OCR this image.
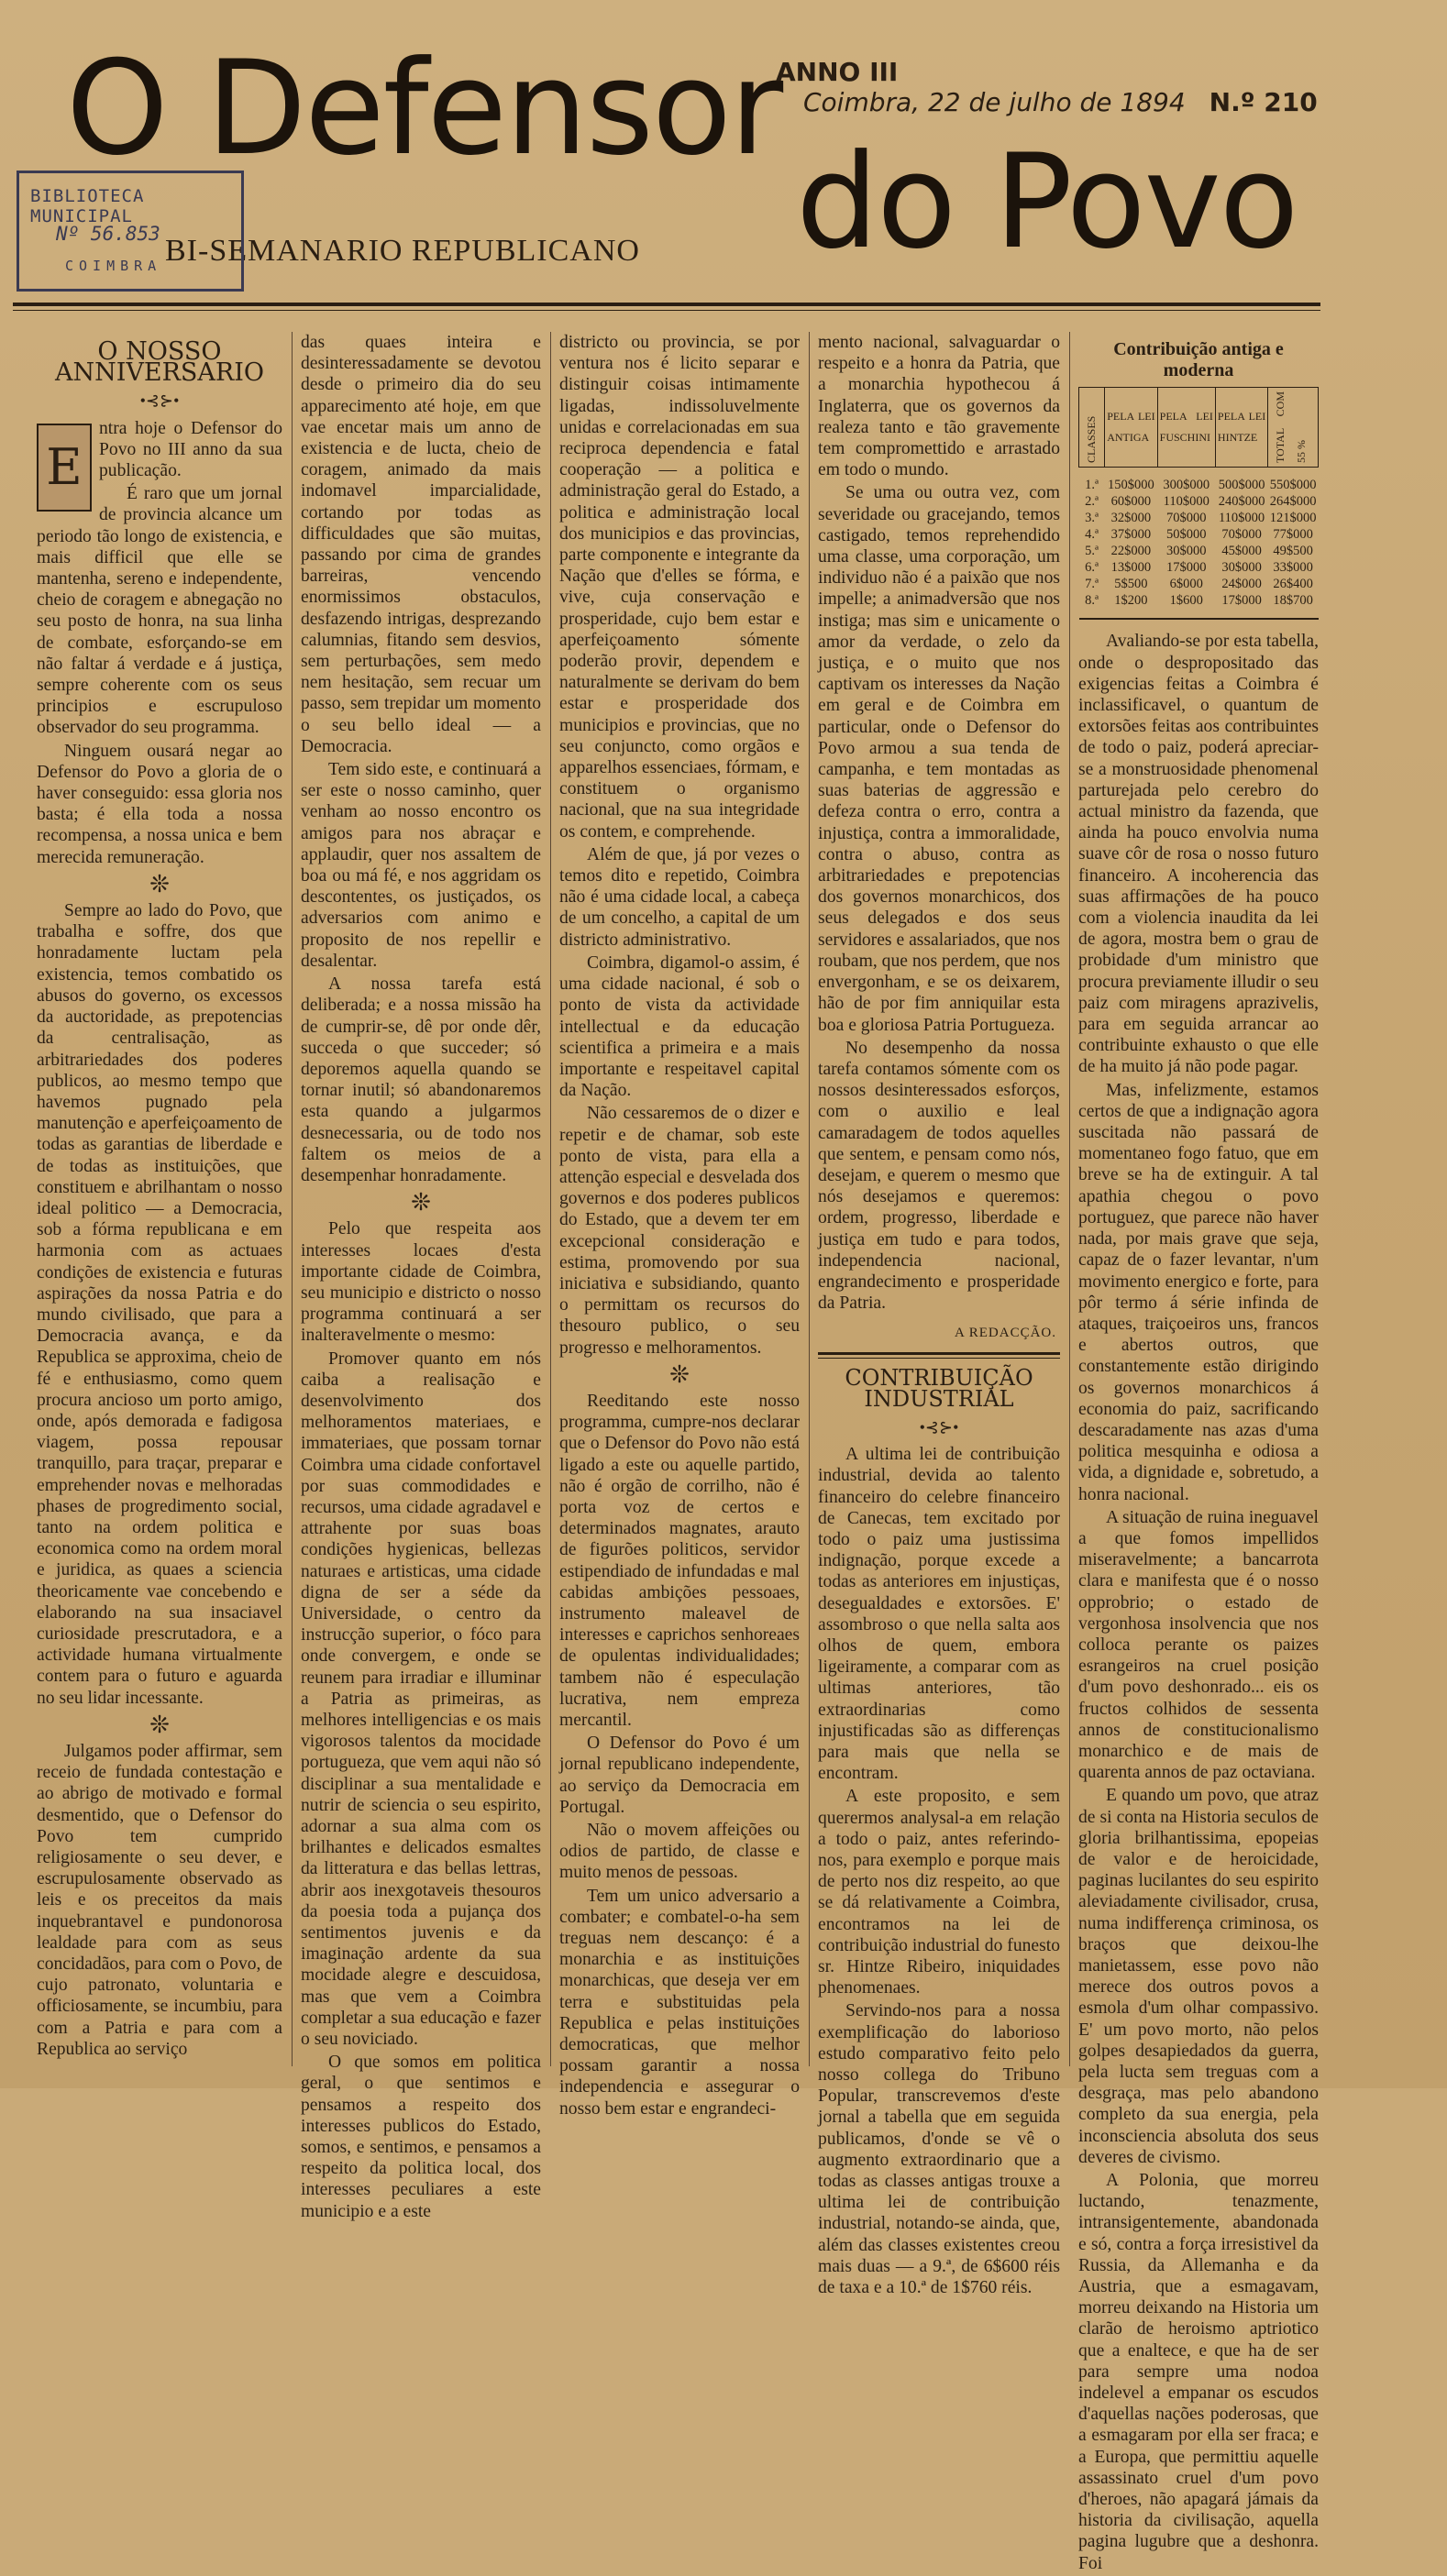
O Defensor
do Povo
ANNO IIICoimbra, 22 de julho de 1894 N.º 210
BI-SEMANARIO REPUBLICANO
BIBLIOTECA MUNICIPAL
Nº 56.853
COIMBRA
O NOSSO ANNIVERSARIO
•⊰⊱•

E
ntra hoje o Defensor do Povo no III anno da sua publicação.

É raro que um jornal de provincia alcance um periodo tão longo de existencia, e mais difficil que elle se mantenha, sereno e independente, cheio de coragem e abnegação no seu posto de honra, na sua linha de combate, esforçando-se em não faltar á verdade e á justiça, sempre coherente com os seus principios e escrupuloso observador do seu programma.

Ninguem ousará negar ao Defensor do Povo a gloria de o haver conseguido: essa gloria nos basta; é ella toda a nossa recompensa, a nossa unica e bem merecida remuneração.

❊

Sempre ao lado do Povo, que trabalha e soffre, dos que honradamente luctam pela existencia, temos combatido os abusos do governo, os excessos da auctoridade, as prepotencias da centralisação, as arbitrariedades dos poderes publicos, ao mesmo tempo que havemos pugnado pela manutenção e aperfeiçoamento de todas as garantias de liberdade e de todas as instituições, que constituem e abrilhantam o nosso ideal politico — a Democracia, sob a fórma republicana e em harmonia com as actuaes condições de existencia e futuras aspirações da nossa Patria e do mundo civilisado, que para a Democracia avança, e da Republica se approxima, cheio de fé e enthusiasmo, como quem procura ancioso um porto amigo, onde, após demorada e fadigosa viagem, possa repousar tranquillo, para traçar, preparar e emprehender novas e melhoradas phases de progredimento social, tanto na ordem politica e economica como na ordem moral e juridica, as quaes a sciencia theoricamente vae concebendo e elaborando na sua insaciavel curiosidade prescrutadora, e a actividade humana virtualmente contem para o futuro e aguarda no seu lidar incessante.

❊

Julgamos poder affirmar, sem receio de fundada contestação e ao abrigo de motivado e formal desmentido, que o Defensor do Povo tem cumprido religiosamente o seu dever, e escrupulosamente observado as leis e os preceitos da mais inquebrantavel e pundonorosa lealdade para com as seus concidadãos, para com o Povo, de cujo patronato, voluntaria e officiosamente, se incumbiu, para com a Patria e para com a Republica ao serviço

das quaes inteira e desinteressadamente se devotou desde o primeiro dia do seu apparecimento até hoje, em que vae encetar mais um anno de existencia e de lucta, cheio de coragem, animado da mais indomavel imparcialidade, cortando por todas as difficuldades que são muitas, passando por cima de grandes barreiras, vencendo enormissimos obstaculos, desfazendo intrigas, desprezando calumnias, fitando sem desvios, sem perturbações, sem medo nem hesitação, sem recuar um passo, sem trepidar um momento o seu bello ideal — a Democracia.

Tem sido este, e continuará a ser este o nosso caminho, quer venham ao nosso encontro os amigos para nos abraçar e applaudir, quer nos assaltem de boa ou má fé, e nos aggridam os descontentes, os justiçados, os adversarios com animo e proposito de nos repellir e desalentar.

A nossa tarefa está deliberada; e a nossa missão ha de cumprir-se, dê por onde dêr, succeda o que succeder; só deporemos aquella quando se tornar inutil; só abandonaremos esta quando a julgarmos desnecessaria, ou de todo nos faltem os meios de a desempenhar honradamente.

❊

Pelo que respeita aos interesses locaes d'esta importante cidade de Coimbra, seu municipio e districto o nosso programma continuará a ser inalteravelmente o mesmo:

Promover quanto em nós caiba a realisação e desenvolvimento dos melhoramentos materiaes, e immateriaes, que possam tornar Coimbra uma cidade confortavel por suas commodidades e recursos, uma cidade agradavel e attrahente por suas boas condições hygienicas, bellezas naturaes e artisticas, uma cidade digna de ser a séde da Universidade, o centro da instrucção superior, o fóco para onde convergem, e onde se reunem para irradiar e illuminar a Patria as primeiras, as melhores intelligencias e os mais vigorosos talentos da mocidade portugueza, que vem aqui não só disciplinar a sua mentalidade e nutrir de sciencia o seu espirito, adornar a sua alma com os brilhantes e delicados esmaltes da litteratura e das bellas lettras, abrir aos inexgotaveis thesouros da poesia toda a pujança dos sentimentos juvenis e da imaginação ardente da sua mocidade alegre e descuidosa, mas que vem a Coimbra completar a sua educação e fazer o seu noviciado.

O que somos em politica geral, o que sentimos e pensamos a respeito dos interesses publicos do Estado, somos, e sentimos, e pensamos a respeito da politica local, dos interesses peculiares a este municipio e a este

districto ou provincia, se por ventura nos é licito separar e distinguir coisas intimamente ligadas, indissoluvelmente unidas e correlacionadas em sua reciproca dependencia e fatal cooperação — a politica e administração geral do Estado, a politica e administração local dos municipios e das provincias, parte componente e integrante da Nação que d'elles se fórma, e vive, cuja conservação e prosperidade, cujo bem estar e aperfeiçoamento sómente poderão provir, dependem e naturalmente se derivam do bem estar e prosperidade dos municipios e provincias, que no seu conjuncto, como orgãos e apparelhos essenciaes, fórmam, e constituem o organismo nacional, que na sua integridade os contem, e comprehende.

Além de que, já por vezes o temos dito e repetido, Coimbra não é uma cidade local, a cabeça de um concelho, a capital de um districto administrativo.

Coimbra, digamol-o assim, é uma cidade nacional, é sob o ponto de vista da actividade intellectual e da educação scientifica a primeira e a mais importante e respeitavel capital da Nação.

Não cessaremos de o dizer e repetir e de chamar, sob este ponto de vista, para ella a attenção especial e desvelada dos governos e dos poderes publicos do Estado, que a devem ter em excepcional consideração e estima, promovendo por sua iniciativa e subsidiando, quanto o permittam os recursos do thesouro publico, o seu progresso e melhoramentos.

❊

Reeditando este nosso programma, cumpre-nos declarar que o Defensor do Povo não está ligado a este ou aquelle partido, não é orgão de corrilho, não é porta voz de certos e determinados magnates, arauto de figurões politicos, servidor estipendiado de infundadas e mal cabidas ambições pessoaes, instrumento maleavel de interesses e caprichos senhoreaes de opulentas individualidades; tambem não é especulação lucrativa, nem empreza mercantil.

O Defensor do Povo é um jornal republicano independente, ao serviço da Democracia em Portugal.

Não o movem affeições ou odios de partido, de classe e muito menos de pessoas.

Tem um unico adversario a combater; e combatel-o-ha sem treguas nem descanço: é a monarchia e as instituições monarchicas, que deseja ver em terra e substituidas pela Republica e pelas instituições democraticas, que melhor possam garantir a nossa independencia e assegurar o nosso bem estar e engrandeci-

mento nacional, salvaguardar o respeito e a honra da Patria, que a monarchia hypothecou á Inglaterra, que os governos da realeza tanto e tão gravemente tem compromettido e arrastado em todo o mundo.

Se uma ou outra vez, com severidade ou gracejando, temos castigado, temos reprehendido uma classe, uma corporação, um individuo não é a paixão que nos impelle; a animadversão que nos instiga; mas sim e unicamente o amor da verdade, o zelo da justiça, e o muito que nos captivam os interesses da Nação em geral e de Coimbra em particular, onde o Defensor do Povo armou a sua tenda de campanha, e tem montadas as suas baterias de aggressão e defeza contra o erro, contra a injustiça, contra a immoralidade, contra o abuso, contra as arbitrariedades e prepotencias dos governos monarchicos, dos seus delegados e dos seus servidores e assalariados, que nos roubam, que nos perdem, que nos envergonham, e se os deixarem, hão de por fim anniquilar esta boa e gloriosa Patria Portugueza.

No desempenho da nossa tarefa contamos sómente com os nossos desinteressados esforços, com o auxilio e leal camaradagem de todos aquelles que sentem, e pensam como nós, desejam, e querem o mesmo que nós desejamos e queremos: ordem, progresso, liberdade e justiça em tudo e para todos, independencia nacional, engrandecimento e prosperidade da Patria.

A REDACÇÃO.
CONTRIBUIÇÃO INDUSTRIAL
•⊰⊱•

A ultima lei de contribuição industrial, devida ao talento financeiro do celebre financeiro de Canecas, tem excitado por todo o paiz uma justissima indignação, porque excede a todas as anteriores em injustiças, desegualdades e extorsões. E' assombroso o que nella salta aos olhos de quem, embora ligeiramente, a comparar com as ultimas anteriores, tão extraordinarias como injustificadas são as differenças para mais que nella se encontram.

A este proposito, e sem querermos analysal-a em relação a todo o paiz, antes referindo-nos, para exemplo e porque mais de perto nos diz respeito, ao que se dá relativamente a Coimbra, encontramos na lei de contribuição industrial do funesto sr. Hintze Ribeiro, iniquidades phenomenaes.

Servindo-nos para a nossa exemplificação do laborioso estudo comparativo feito pelo nosso collega do Tribuno Popular, transcrevemos d'este jornal a tabella que em seguida publicamos, d'onde se vê o augmento extraordinario que a todas as classes antigas trouxe a ultima lei de contribuição industrial, notando-se ainda, que, além das classes existentes creou mais duas — a 9.ª, de 6$600 réis de taxa e a 10.ª de 1$760 réis.

Contribuição antiga e moderna
CLASSES	PELA LEI ANTIGA	PELA LEI FUSCHINI	PELA LEI HINTZE	TOTAL COM 55 %

1.ª	150$000	300$000	500$000	550$000
2.ª	60$000	110$000	240$000	264$000
3.ª	32$000	70$000	110$000	121$000
4.ª	37$000	50$000	70$000	77$000
5.ª	22$000	30$000	45$000	49$500
6.ª	13$000	17$000	30$000	33$000
7.ª	5$500	6$000	24$000	26$400
8.ª	1$200	1$600	17$000	18$700

Avaliando-se por esta tabella, onde o despropositado das exigencias feitas a Coimbra é inclassificavel, o quantum de extorsões feitas aos contribuintes de todo o paiz, poderá apreciar-se a monstruosidade phenomenal parturejada pelo cerebro do actual ministro da fazenda, que ainda ha pouco envolvia numa suave côr de rosa o nosso futuro financeiro. A incoherencia das suas affirmações de ha pouco com a violencia inaudita da lei de agora, mostra bem o grau de probidade d'um ministro que procura previamente illudir o seu paiz com miragens aprazivelis, para em seguida arrancar ao contribuinte exhausto o que elle de ha muito já não pode pagar.

Mas, infelizmente, estamos certos de que a indignação agora suscitada não passará de momentaneo fogo fatuo, que em breve se ha de extinguir. A tal apathia chegou o povo portuguez, que parece não haver nada, por mais grave que seja, capaz de o fazer levantar, n'um movimento energico e forte, para pôr termo á série infinda de ataques, traiçoeiros uns, francos e abertos outros, que constantemente estão dirigindo os governos monarchicos á economia do paiz, sacrificando descaradamente nas azas d'uma politica mesquinha e odiosa a vida, a dignidade e, sobretudo, a honra nacional.

A situação de ruina ineguavel a que fomos impellidos miseravelmente; a bancarrota clara e manifesta que é o nosso opprobrio; o estado de vergonhosa insolvencia que nos colloca perante os paizes esrangeiros na cruel posição d'um povo deshonrado... eis os fructos colhidos de sessenta annos de constitucionalismo monarchico e de mais de quarenta annos de paz octaviana.

E quando um povo, que atraz de si conta na Historia seculos de gloria brilhantissima, epopeias de valor e de heroicidade, paginas lucilantes do seu espirito aleviadamente civilisador, crusa, numa indifferença criminosa, os braços que deixou-lhe manietassem, esse povo não merece dos outros povos a esmola d'um olhar compassivo. E' um povo morto, não pelos golpes desapiedados da guerra, pela lucta sem treguas com a desgraça, mas pelo abandono completo da sua energia, pela inconsciencia absoluta dos seus deveres de civismo.

A Polonia, que morreu luctando, tenazmente, intransigentemente, abandonada e só, contra a força irresistivel da Russia, da Allemanha e da Austria, que a esmagavam, morreu deixando na Historia um clarão de heroismo aptriotico que a enaltece, e que ha de ser para sempre uma nodoa indelevel a empanar os escudos d'aquellas nações poderosas, que a esmagaram por ella ser fraca; e a Europa, que permittiu aquelle assassinato cruel d'um povo d'heroes, não apagará jámais da historia da civilisação, aquella pagina lugubre que a deshonra. Foi
